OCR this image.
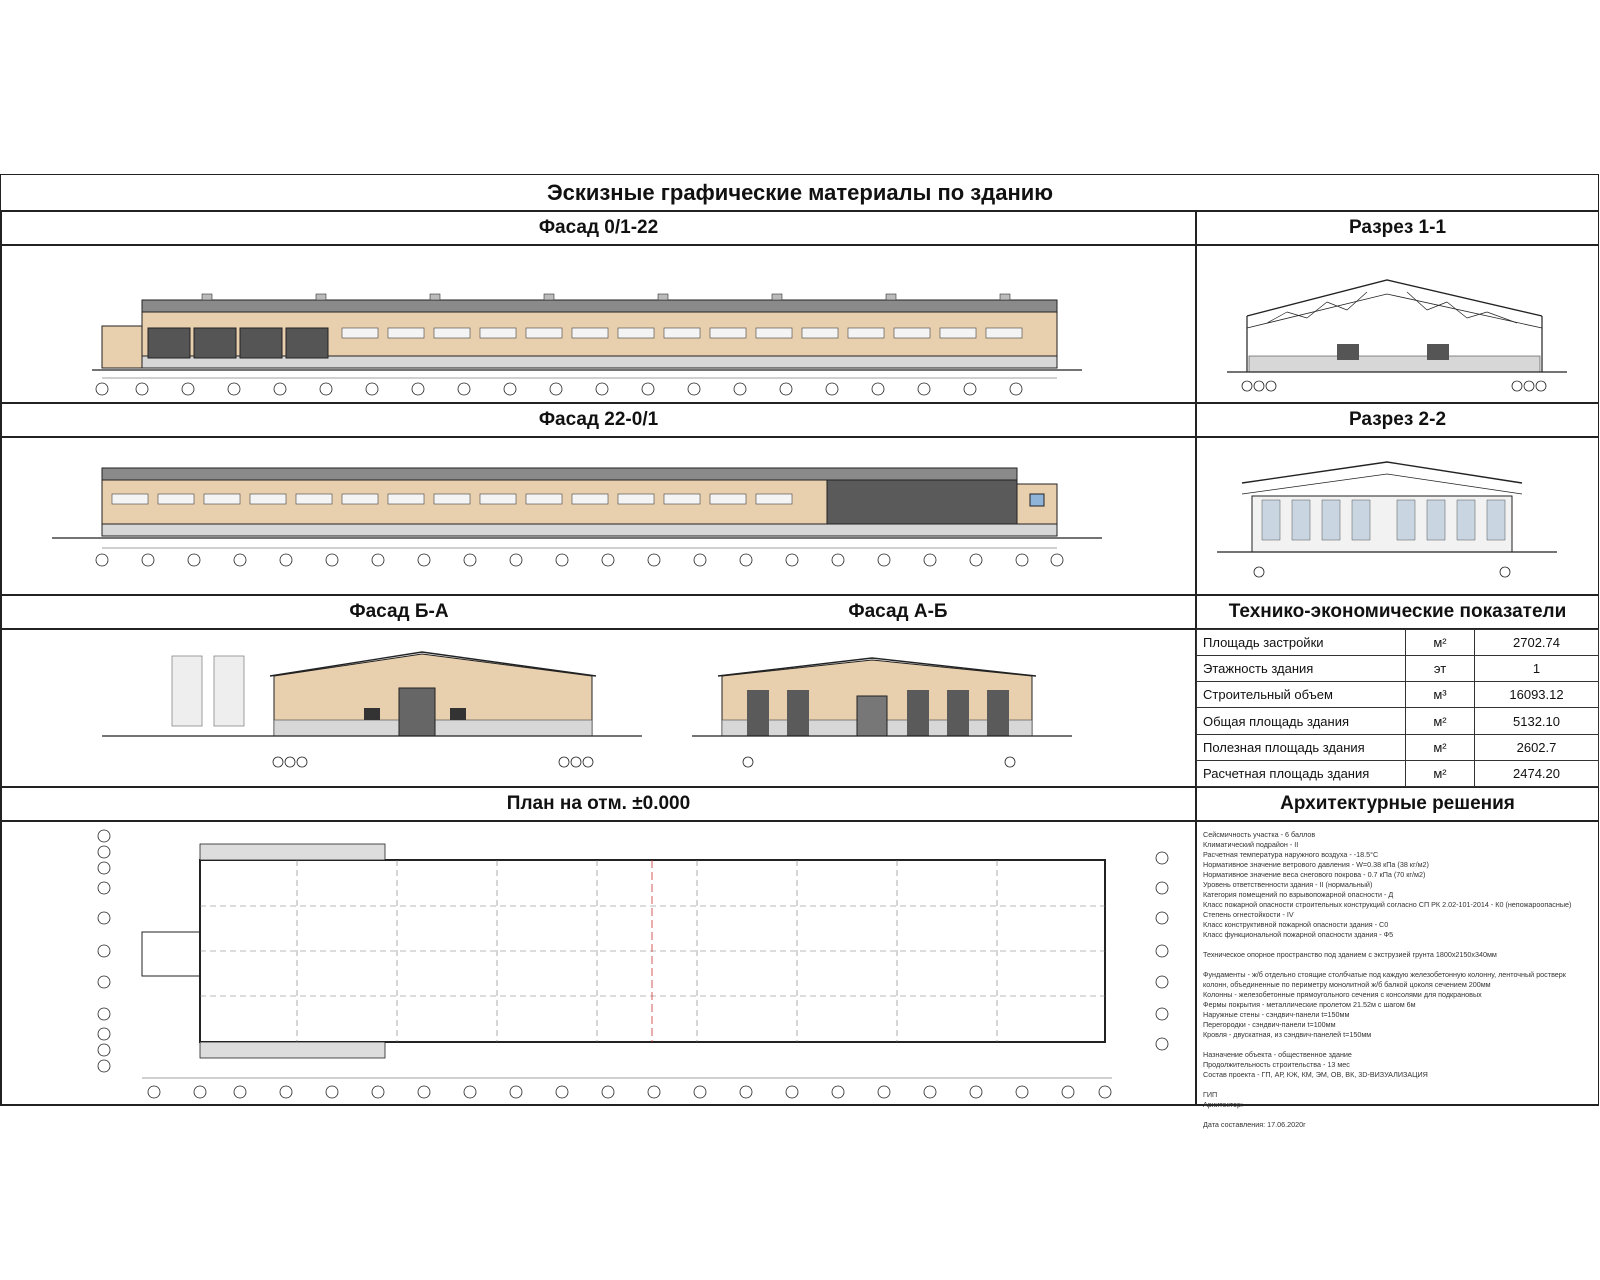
Эскизные графические материалы по зданию
Фасад 0/1-22	Разрез 1-1
Фасад 22-0/1	Разрез 2-2
Фасад Б-А	Фасад А-Б	Технико-экономические показатели
Площадь застройки	м²	2702.74
Этажность здания	эт	1
Строительный объем	м³	16093.12
Общая площадь здания	м²	5132.10
Полезная площадь здания	м²	2602.7
Расчетная площадь здания	м²	2474.20
План на отм. ±0.000	Архитектурные решения
Сейсмичность участка - 6 баллов
Климатический подрайон - II
Расчетная температура наружного воздуха - -18.5°C
Нормативное значение ветрового давления - W=0.38 кПа (38 кг/м2)
Нормативное значение веса снегового покрова - 0.7 кПа (70 кг/м2)
Уровень ответственности здания - II (нормальный)
Категория помещений по взрывопожарной опасности - Д
Класс пожарной опасности строительных конструкций согласно СП РК 2.02-101-2014 - К0 (непожароопасные)
Степень огнестойкости - IV
Класс конструктивной пожарной опасности здания - С0
Класс функциональной пожарной опасности здания - Ф5
Техническое опорное пространство под зданием с экструзией грунта 1800x2150x340мм
Фундаменты - ж/б отдельно стоящие столбчатые под каждую железобетонную колонну, ленточный ростверк
колонн, объединенные по периметру монолитной ж/б балкой цоколя сечением 200мм
Колонны - железобетонные прямоугольного сечения с консолями для подкрановых
Фермы покрытия - металлические пролетом 21.52м с шагом 6м
Наружные стены - сэндвич-панели t=150мм
Перегородки - сэндвич-панели t=100мм
Кровля - двускатная, из сэндвич-панелей t=150мм
Назначение объекта - общественное здание
Продолжительность строительства - 13 мес
Состав проекта - ГП, АР, КЖ, КМ, ЭМ, ОВ, ВК, 3D-ВИЗУАЛИЗАЦИЯ
ГИП
Архитектор:
Дата составления: 17.06.2020г
